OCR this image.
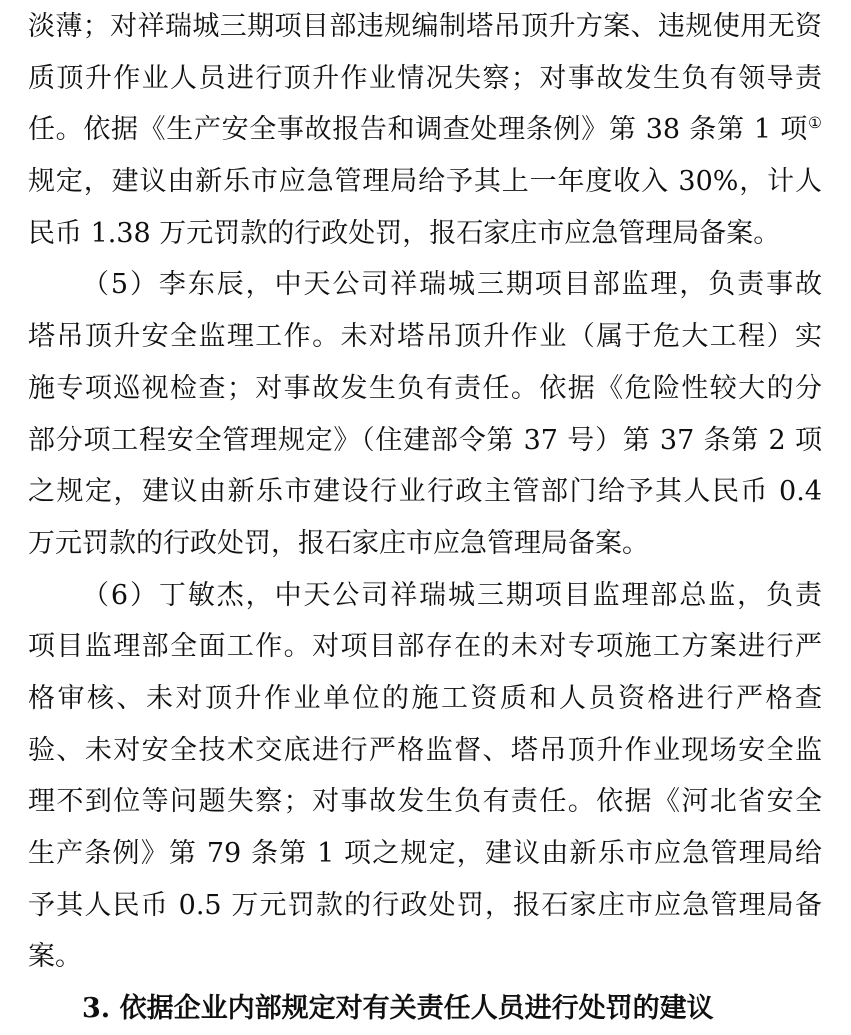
淡薄；对祥瑞城三期项目部违规编制塔吊顶升方案、违规使用无资
质顶升作业人员进行顶升作业情况失察；对事故发生负有领导责
任。依据《生产安全事故报告和调查处理条例》第 38 条第 1 项①
规定，建议由新乐市应急管理局给予其上一年度收入 30%，计人
民币 1.38 万元罚款的行政处罚，报石家庄市应急管理局备案。
（5）李东辰，中天公司祥瑞城三期项目部监理，负责事故
塔吊顶升安全监理工作。未对塔吊顶升作业（属于危大工程）实
施专项巡视检查；对事故发生负有责任。依据《危险性较大的分
部分项工程安全管理规定》（住建部令第 37 号）第 37 条第 2 项
之规定，建议由新乐市建设行业行政主管部门给予其人民币 0.4
万元罚款的行政处罚，报石家庄市应急管理局备案。
（6）丁敏杰，中天公司祥瑞城三期项目监理部总监，负责
项目监理部全面工作。对项目部存在的未对专项施工方案进行严
格审核、未对顶升作业单位的施工资质和人员资格进行严格查
验、未对安全技术交底进行严格监督、塔吊顶升作业现场安全监
理不到位等问题失察；对事故发生负有责任。依据《河北省安全
生产条例》第 79 条第 1 项之规定，建议由新乐市应急管理局给
予其人民币 0.5 万元罚款的行政处罚，报石家庄市应急管理局备
案。
3. 依据企业内部规定对有关责任人员进行处罚的建议
